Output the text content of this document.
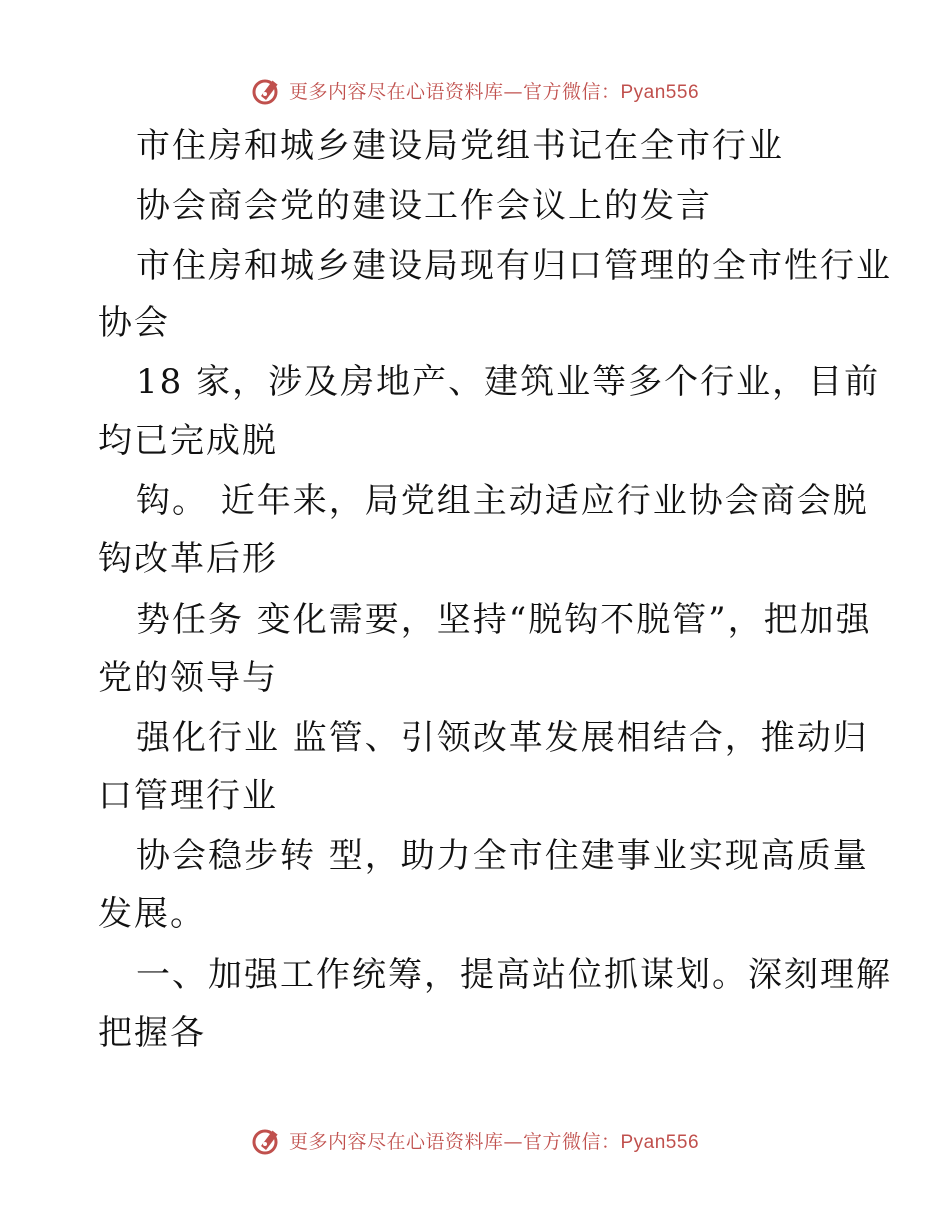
更多内容尽在心语资料库—官方微信：Pyan556
市住房和城乡建设局党组书记在全市行业
协会商会党的建设工作会议上的发言
市住房和城乡建设局现有归口管理的全市性行业
协会
18 家，涉及房地产、建筑业等多个行业，目前
均已完成脱
钩。 近年来，局党组主动适应行业协会商会脱
钩改革后形
势任务 变化需要，坚持“脱钩不脱管”，把加强
党的领导与
强化行业 监管、引领改革发展相结合，推动归
口管理行业
协会稳步转 型，助力全市住建事业实现高质量
发展。
一、加强工作统筹，提高站位抓谋划。深刻理解
把握各
更多内容尽在心语资料库—官方微信：Pyan556
